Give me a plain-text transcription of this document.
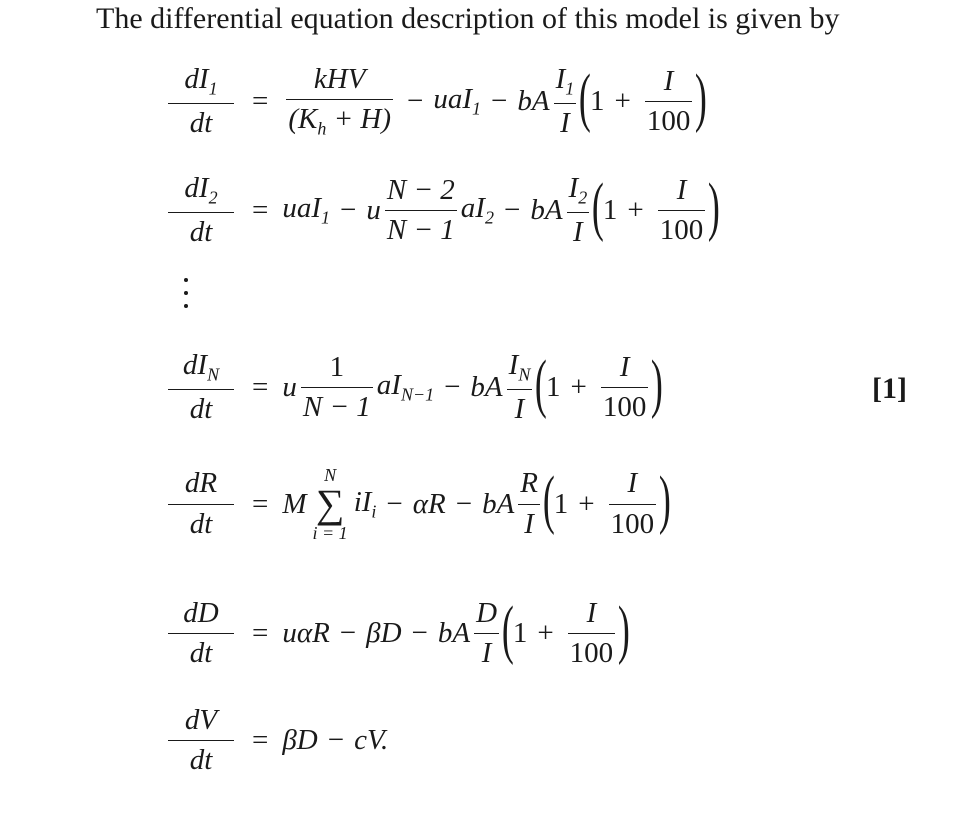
The differential equation description of this model is given by
$\frac{dI_1}{dt} = \frac{\text{kHV}}{(K_h + H)} - uaI_1$ − bA $\frac{I_1}{I}$ (
$1 + \frac{I}{100}$ )
$\frac{dI_2}{dt} = uaI_1 - u \frac{N - 2}{N - 1} aI_2$ − bA $\frac{I_2}{I}$ (
$1 + \frac{I}{100}$ )
$\frac{dI_N}{dt} = u \frac{1}{N - 1} aI_{N-1}$ − bA $\frac{I_N}{I}$ (
$1 + \frac{I}{100}$ )	[1]
$\frac{dR}{dt} = M$
N
∑
i = 1
$iI_i - \alpha R$ − bA $\frac{R}{I}$ (
$1 + \frac{I}{100}$ )
$\frac{dD}{dt} = u\alpha R - \beta D$ − bA $\frac{D}{I}$ (
$1 + \frac{I}{100}$ )
$\frac{dV}{dt} = \beta D$ − cV.
